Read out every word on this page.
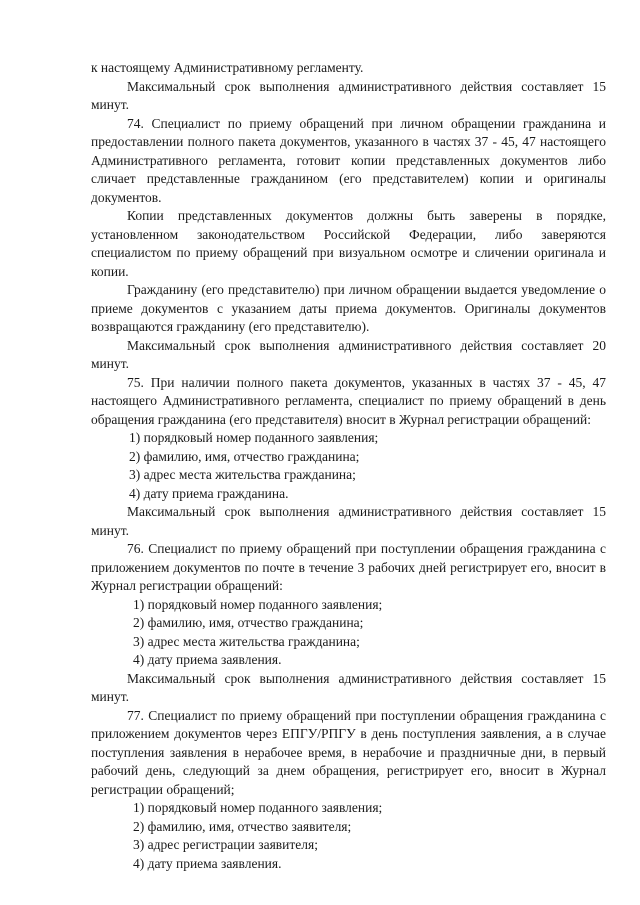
к настоящему Административному регламенту.

Максимальный срок выполнения административного действия составляет 15 минут.

74. Специалист по приему обращений при личном обращении гражданина и предоставлении полного пакета документов, указанного в частях 37 - 45, 47 настоящего Административного регламента, готовит копии представленных документов либо сличает представленные гражданином (его представителем) копии и оригиналы документов.

Копии представленных документов должны быть заверены в порядке, установленном законодательством Российской Федерации, либо заверяются специалистом по приему обращений при визуальном осмотре и сличении оригинала и копии.

Гражданину (его представителю) при личном обращении выдается уведомление о приеме документов с указанием даты приема документов. Оригиналы документов возвращаются гражданину (его представителю).

Максимальный срок выполнения административного действия составляет 20 минут.

75. При наличии полного пакета документов, указанных в частях 37 - 45, 47 настоящего Административного регламента, специалист по приему обращений в день обращения гражданина (его представителя) вносит в Журнал регистрации обращений:

1) порядковый номер поданного заявления;

2) фамилию, имя, отчество гражданина;

3) адрес места жительства гражданина;

4) дату приема гражданина.

Максимальный срок выполнения административного действия составляет 15 минут.

76. Специалист по приему обращений при поступлении обращения гражданина с приложением документов по почте в течение 3 рабочих дней регистрирует его, вносит в Журнал регистрации обращений:

1) порядковый номер поданного заявления;

2) фамилию, имя, отчество гражданина;

3) адрес места жительства гражданина;

4) дату приема заявления.

Максимальный срок выполнения административного действия составляет 15 минут.

77. Специалист по приему обращений при поступлении обращения гражданина с приложением документов через ЕПГУ/РПГУ в день поступления заявления, а в случае поступления заявления в нерабочее время, в нерабочие и праздничные дни, в первый рабочий день, следующий за днем обращения, регистрирует его, вносит в Журнал регистрации обращений;

1) порядковый номер поданного заявления;

2) фамилию, имя, отчество заявителя;

3) адрес регистрации заявителя;

4) дату приема заявления.
